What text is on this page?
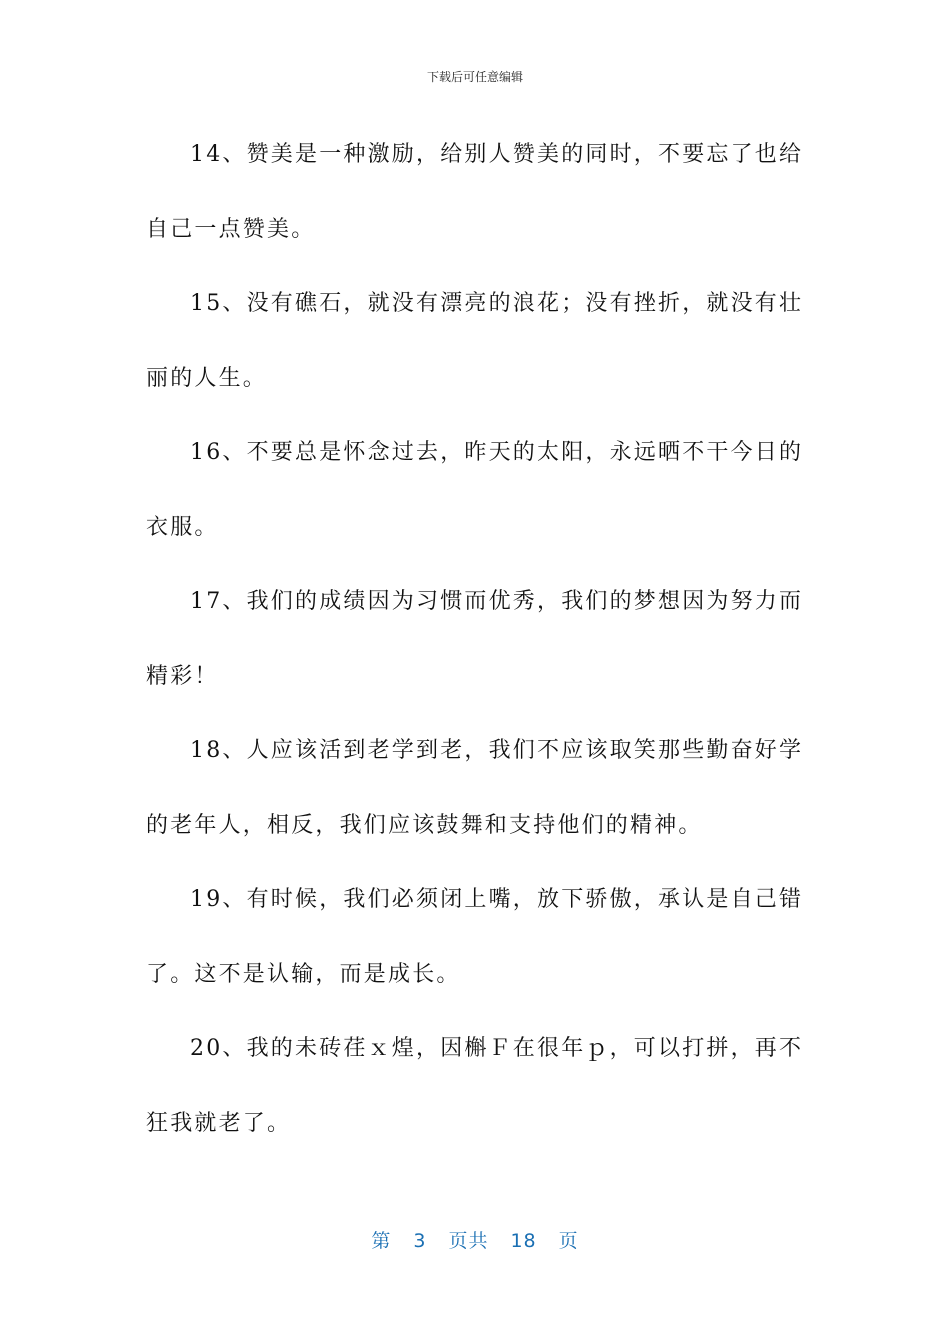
下载后可任意编辑

14、赞美是一种激励，给别人赞美的同时，不要忘了也给自己一点赞美。

15、没有礁石，就没有漂亮的浪花；没有挫折，就没有壮丽的人生。

16、不要总是怀念过去，昨天的太阳，永远晒不干今日的衣服。

17、我们的成绩因为习惯而优秀，我们的梦想因为努力而精彩！

18、人应该活到老学到老，我们不应该取笑那些勤奋好学的老年人，相反，我们应该鼓舞和支持他们的精神。

19、有时候，我们必须闭上嘴，放下骄傲，承认是自己错了。这不是认输，而是成长。

20、我的未砖荏ｘ煌，因槲Ｆ在很年ｐ，可以打拼，再不狂我就老了。

第 3 页共 18 页
